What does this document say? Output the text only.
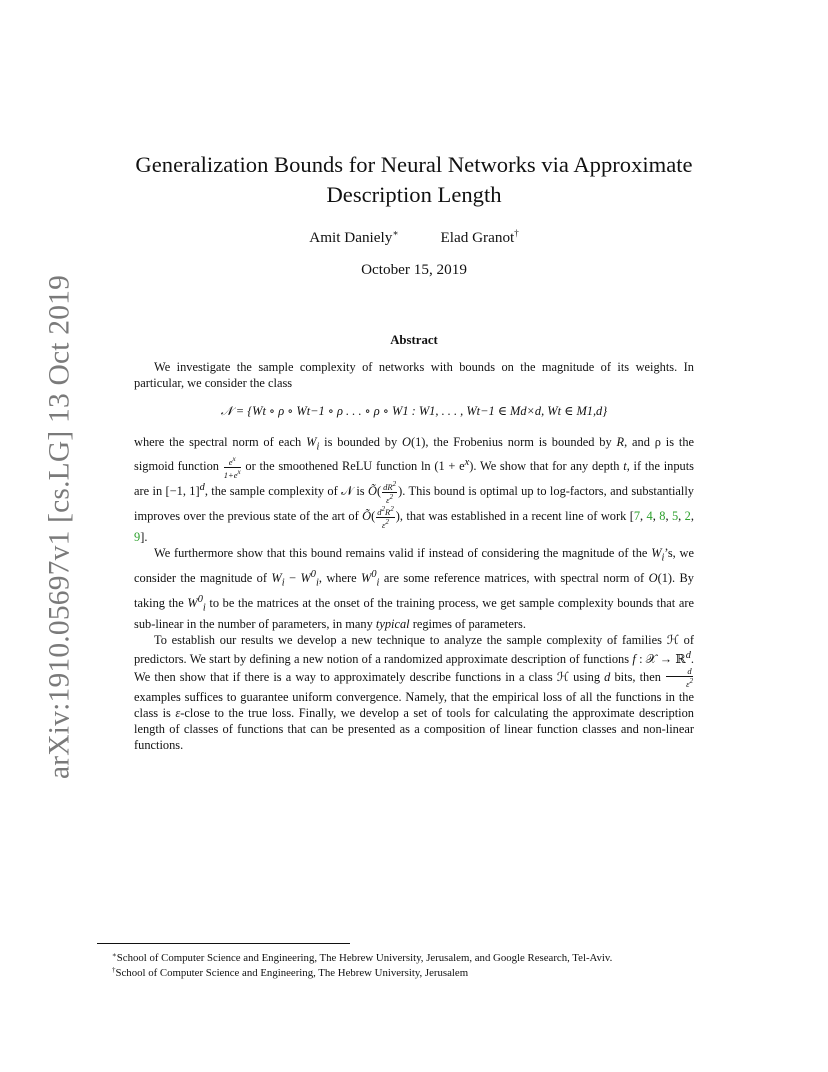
arXiv:1910.05697v1 [cs.LG] 13 Oct 2019
Generalization Bounds for Neural Networks via Approximate
Description Length
Amit Daniely∗	Elad Granot†
October 15, 2019
Abstract

We investigate the sample complexity of networks with bounds on the magnitude of its weights. In particular, we consider the class

𝒩 = {Wt ∘ ρ ∘ Wt−1 ∘ ρ . . . ∘ ρ ∘ W1 : W1, . . . , Wt−1 ∈ Md×d, Wt ∈ M1,d}

where the spectral norm of each $W_i$ is bounded by O(1), the Frobenius norm is bounded by R, and ρ is the sigmoid function $\frac{e^x}{1+e^x}$ or the smoothened ReLU function $\ln (1 + e^x)$. We show that for any depth t, if the inputs are in [−1, 1]$^d$, the sample complexity of 𝒩 is Õ( $\frac{dR^2}{\varepsilon^2}$ ). This bound is optimal up to log-factors, and substantially improves over the previous state of the art of Õ( $\frac{d^2R^2}{\varepsilon^2}$ ), that was established in a recent line of work [7, 4, 8, 5, 2, 9].

We furthermore show that this bound remains valid if instead of considering the magnitude of the $W_i’s$, we consider the magnitude of $W_i - W^0_i$, where $W^0_i$ are some reference matrices, with spectral norm of O(1). By taking the $W^0_i$ to be the matrices at the onset of the training process, we get sample complexity bounds that are sub-linear in the number of parameters, in many typical regimes of parameters.

To establish our results we develop a new technique to analyze the sample complexity of families ℋ of predictors. We start by defining a new notion of a randomized approximate description of functions f : 𝒳 → ℝ$^d$. We then show that if there is a way to approximately describe functions in a class ℋ using d bits, then $\frac{d}{\varepsilon^2}$
examples suffices to guarantee uniform convergence. Namely, that the empirical loss of all the functions in the class is ε-close to the true loss. Finally, we develop a set of tools for calculating the approximate description length of classes of functions that can be presented as a composition of linear function classes and non-linear functions.

∗School of Computer Science and Engineering, The Hebrew University, Jerusalem, and Google Research, Tel-Aviv.
†School of Computer Science and Engineering, The Hebrew University, Jerusalem
